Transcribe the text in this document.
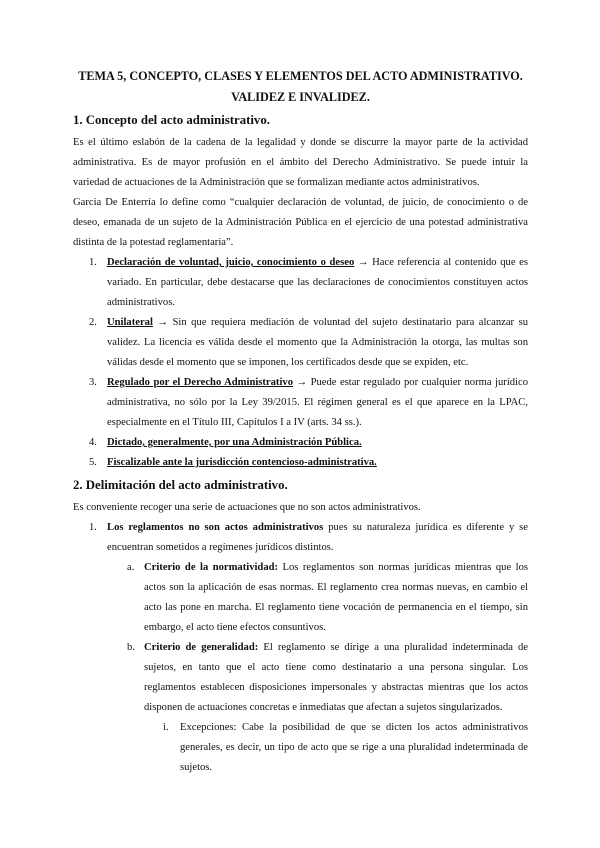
TEMA 5, CONCEPTO, CLASES Y ELEMENTOS DEL ACTO ADMINISTRATIVO.
VALIDEZ E INVALIDEZ.
1. Concepto del acto administrativo.

Es el último eslabón de la cadena de la legalidad y donde se discurre la mayor parte de la actividad administrativa. Es de mayor profusión en el ámbito del Derecho Administrativo. Se puede intuir la variedad de actuaciones de la Administración que se formalizan mediante actos administrativos.

García De Enterría lo define como “cualquier declaración de voluntad, de juicio, de conocimiento o de deseo, emanada de un sujeto de la Administración Pública en el ejercicio de una potestad administrativa distinta de la potestad reglamentaria”.

1. Declaración de voluntad, juicio, conocimiento o deseo → Hace referencia al contenido que es variado. En particular, debe destacarse que las declaraciones de conocimientos constituyen actos administrativos.
2. Unilateral → Sin que requiera mediación de voluntad del sujeto destinatario para alcanzar su validez. La licencia es válida desde el momento que la Administración la otorga, las multas son válidas desde el momento que se imponen, los certificados desde que se expiden, etc.
3. Regulado por el Derecho Administrativo → Puede estar regulado por cualquier norma jurídico administrativa, no sólo por la Ley 39/2015. El régimen general es el que aparece en la LPAC, especialmente en el Título III, Capítulos I a IV (arts. 34 ss.).
4. Dictado, generalmente, por una Administración Pública.
5. Fiscalizable ante la jurisdicción contencioso-administrativa.
2. Delimitación del acto administrativo.

Es conveniente recoger una serie de actuaciones que no son actos administrativos.

1. Los reglamentos no son actos administrativos pues su naturaleza jurídica es diferente y se encuentran sometidos a regímenes jurídicos distintos.
a. Criterio de la normatividad: Los reglamentos son normas jurídicas mientras que los actos son la aplicación de esas normas. El reglamento crea normas nuevas, en cambio el acto las pone en marcha. El reglamento tiene vocación de permanencia en el tiempo, sin embargo, el acto tiene efectos consuntivos.
b. Criterio de generalidad: El reglamento se dirige a una pluralidad indeterminada de sujetos, en tanto que el acto tiene como destinatario a una persona singular. Los reglamentos establecen disposiciones impersonales y abstractas mientras que los actos disponen de actuaciones concretas e inmediatas que afectan a sujetos singularizados.
i. Excepciones: Cabe la posibilidad de que se dicten los actos administrativos generales, es decir, un tipo de acto que se rige a una pluralidad indeterminada de sujetos.
